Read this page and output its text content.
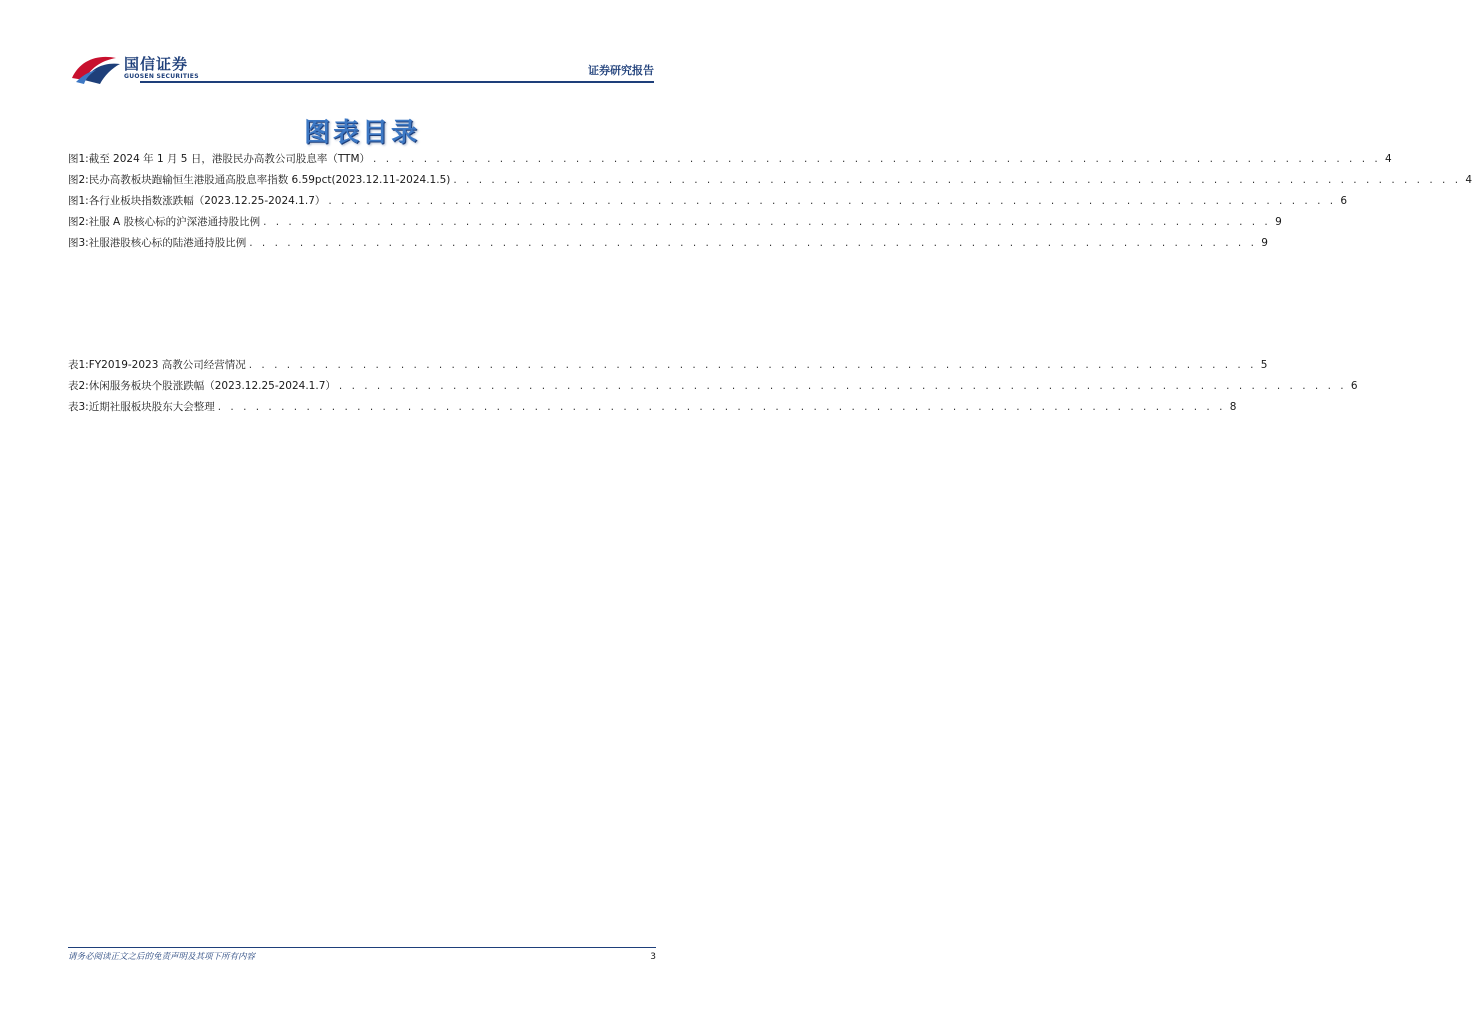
国信证券
GUOSEN SECURITIES	证券研究报告
图表目录
图1: 截至 2024 年 1 月 5 日，港股民办高教公司股息率（TTM） . . . . . . . . . . . . . . . . . . . . . . . . . . . . . . . . . . . . . . . . . . . . . . . . . . . . . . . . . . . . . . . . . . . . . . . . . . . . . . . . 4
图2: 民办高教板块跑输恒生港股通高股息率指数 6.59pct(2023.12.11-2024.1.5) . . . . . . . . . . . . . . . . . . . . . . . . . . . . . . . . . . . . . . . . . . . . . . . . . . . . . . . . . . . . . . . . . . . . . . . . . . . . . . . . 4
图1: 各行业板块指数涨跌幅（2023.12.25-2024.1.7） . . . . . . . . . . . . . . . . . . . . . . . . . . . . . . . . . . . . . . . . . . . . . . . . . . . . . . . . . . . . . . . . . . . . . . . . . . . . . . . . 6
图2: 社服 A 股核心标的沪深港通持股比例 . . . . . . . . . . . . . . . . . . . . . . . . . . . . . . . . . . . . . . . . . . . . . . . . . . . . . . . . . . . . . . . . . . . . . . . . . . . . . . . . 9
图3: 社服港股核心标的陆港通持股比例 . . . . . . . . . . . . . . . . . . . . . . . . . . . . . . . . . . . . . . . . . . . . . . . . . . . . . . . . . . . . . . . . . . . . . . . . . . . . . . . . 9
表1: FY2019-2023 高教公司经营情况 . . . . . . . . . . . . . . . . . . . . . . . . . . . . . . . . . . . . . . . . . . . . . . . . . . . . . . . . . . . . . . . . . . . . . . . . . . . . . . . . 5
表2: 休闲服务板块个股涨跌幅（2023.12.25-2024.1.7） . . . . . . . . . . . . . . . . . . . . . . . . . . . . . . . . . . . . . . . . . . . . . . . . . . . . . . . . . . . . . . . . . . . . . . . . . . . . . . . . 6
表3: 近期社服板块股东大会整理 . . . . . . . . . . . . . . . . . . . . . . . . . . . . . . . . . . . . . . . . . . . . . . . . . . . . . . . . . . . . . . . . . . . . . . . . . . . . . . . . 8
请务必阅读正文之后的免责声明及其项下所有内容	3
